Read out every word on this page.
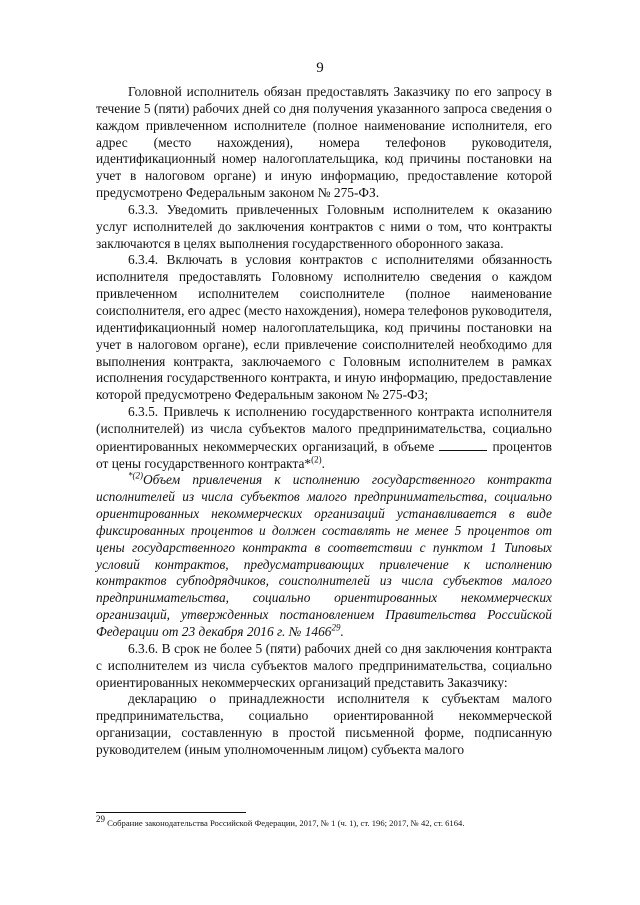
9

Головной исполнитель обязан предоставлять Заказчику по его запросу в течение 5 (пяти) рабочих дней со дня получения указанного запроса сведения о каждом привлеченном исполнителе (полное наименование исполнителя, его адрес (место нахождения), номера телефонов руководителя, идентификационный номер налогоплательщика, код причины постановки на учет в налоговом органе) и иную информацию, предоставление которой предусмотрено Федеральным законом № 275-ФЗ.

6.3.3. Уведомить привлеченных Головным исполнителем к оказанию услуг исполнителей до заключения контрактов с ними о том, что контракты заключаются в целях выполнения государственного оборонного заказа.

6.3.4. Включать в условия контрактов с исполнителями обязанность исполнителя предоставлять Головному исполнителю сведения о каждом привлеченном исполнителем соисполнителе (полное наименование соисполнителя, его адрес (место нахождения), номера телефонов руководителя, идентификационный номер налогоплательщика, код причины постановки на учет в налоговом органе), если привлечение соисполнителей необходимо для выполнения контракта, заключаемого с Головным исполнителем в рамках исполнения государственного контракта, и иную информацию, предоставление которой предусмотрено Федеральным законом № 275-ФЗ;

6.3.5. Привлечь к исполнению государственного контракта исполнителя (исполнителей) из числа субъектов малого предпринимательства, социально ориентированных некоммерческих организаций, в объеме	процентов от цены государственного контракта*$^{(2)}$.

$^{*(2)}$Объем привлечения к исполнению государственного контракта исполнителей из числа субъектов малого предпринимательства, социально ориентированных некоммерческих организаций устанавливается в виде фиксированных процентов и должен составлять не менее 5 процентов от цены государственного контракта в соответствии с пунктом 1 Типовых условий контрактов, предусматривающих привлечение к исполнению контрактов субподрядчиков, соисполнителей из числа субъектов малого предпринимательства, социально ориентированных некоммерческих организаций, утвержденных постановлением Правительства Российской Федерации от 23 декабря 2016 г. № 1466$^{29}$.

6.3.6. В срок не более 5 (пяти) рабочих дней со дня заключения контракта с исполнителем из числа субъектов малого предпринимательства, социально ориентированных некоммерческих организаций представить Заказчику:

декларацию о принадлежности исполнителя к субъектам малого предпринимательства, социально ориентированной некоммерческой организации, составленную в простой письменной форме, подписанную руководителем (иным уполномоченным лицом) субъекта малого

$^{29}$ Собрание законодательства Российской Федерации, 2017, № 1 (ч. 1), ст. 196; 2017, № 42, ст. 6164.
